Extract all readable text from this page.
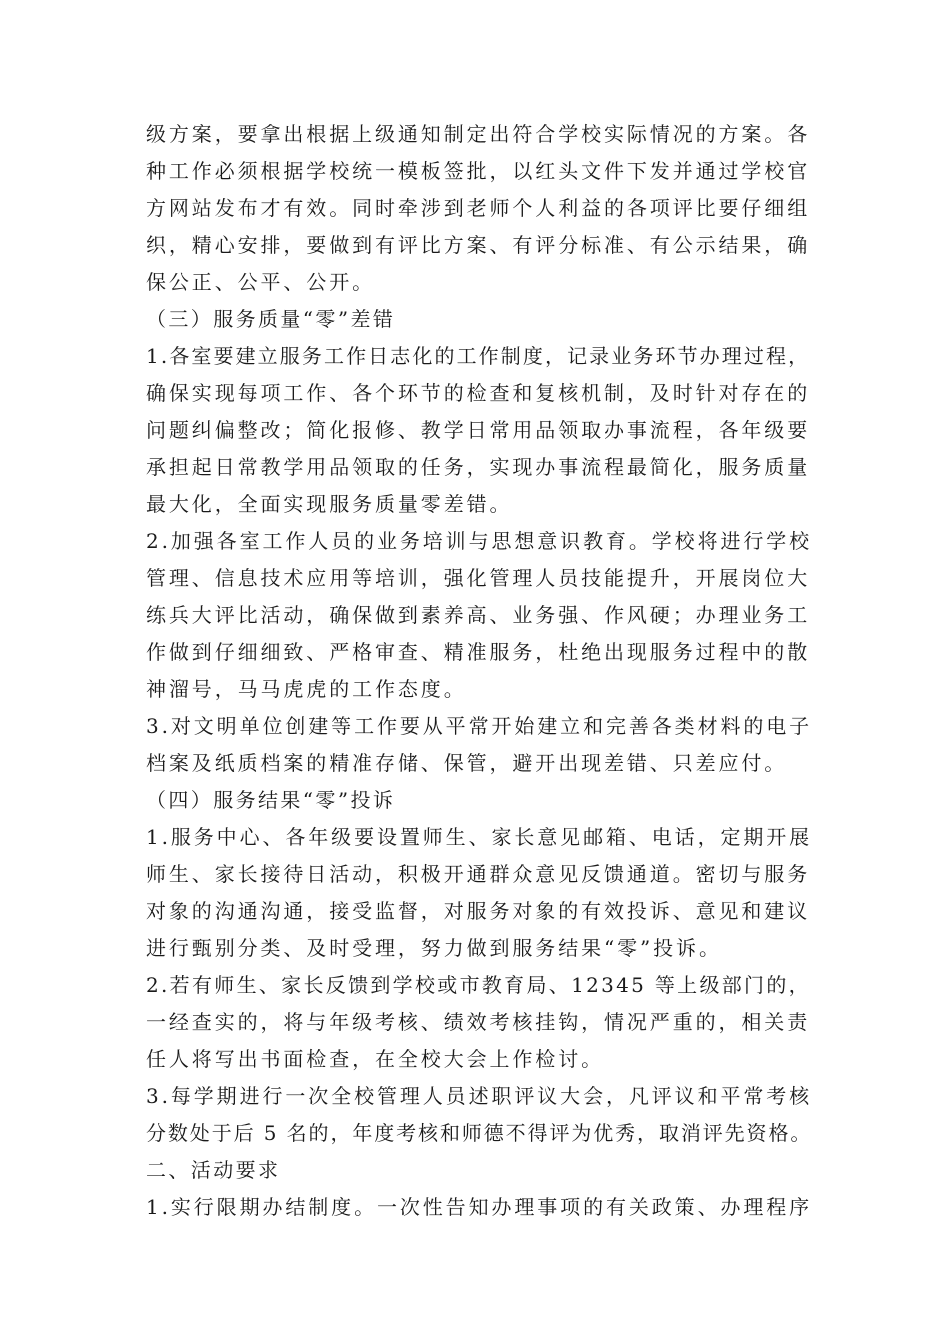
级方案，要拿出根据上级通知制定出符合学校实际情况的方案。各
种工作必须根据学校统一模板签批，以红头文件下发并通过学校官
方网站发布才有效。同时牵涉到老师个人利益的各项评比要仔细组
织，精心安排，要做到有评比方案、有评分标准、有公示结果，确
保公正、公平、公开。
（三）服务质量“零”差错
1.各室要建立服务工作日志化的工作制度，记录业务环节办理过程，
确保实现每项工作、各个环节的检查和复核机制，及时针对存在的
问题纠偏整改；简化报修、教学日常用品领取办事流程，各年级要
承担起日常教学用品领取的任务，实现办事流程最简化，服务质量
最大化，全面实现服务质量零差错。
2.加强各室工作人员的业务培训与思想意识教育。学校将进行学校
管理、信息技术应用等培训，强化管理人员技能提升，开展岗位大
练兵大评比活动，确保做到素养高、业务强、作风硬；办理业务工
作做到仔细细致、严格审查、精准服务，杜绝出现服务过程中的散
神溜号，马马虎虎的工作态度。
3.对文明单位创建等工作要从平常开始建立和完善各类材料的电子
档案及纸质档案的精准存储、保管，避开出现差错、只差应付。
（四）服务结果“零”投诉
1.服务中心、各年级要设置师生、家长意见邮箱、电话，定期开展
师生、家长接待日活动，积极开通群众意见反馈通道。密切与服务
对象的沟通沟通，接受监督，对服务对象的有效投诉、意见和建议
进行甄别分类、及时受理，努力做到服务结果“零”投诉。
2.若有师生、家长反馈到学校或市教育局、12345 等上级部门的，
一经查实的，将与年级考核、绩效考核挂钩，情况严重的，相关责
任人将写出书面检查，在全校大会上作检讨。
3.每学期进行一次全校管理人员述职评议大会，凡评议和平常考核
分数处于后 5 名的，年度考核和师德不得评为优秀，取消评先资格。
二、活动要求
1.实行限期办结制度。一次性告知办理事项的有关政策、办理程序
